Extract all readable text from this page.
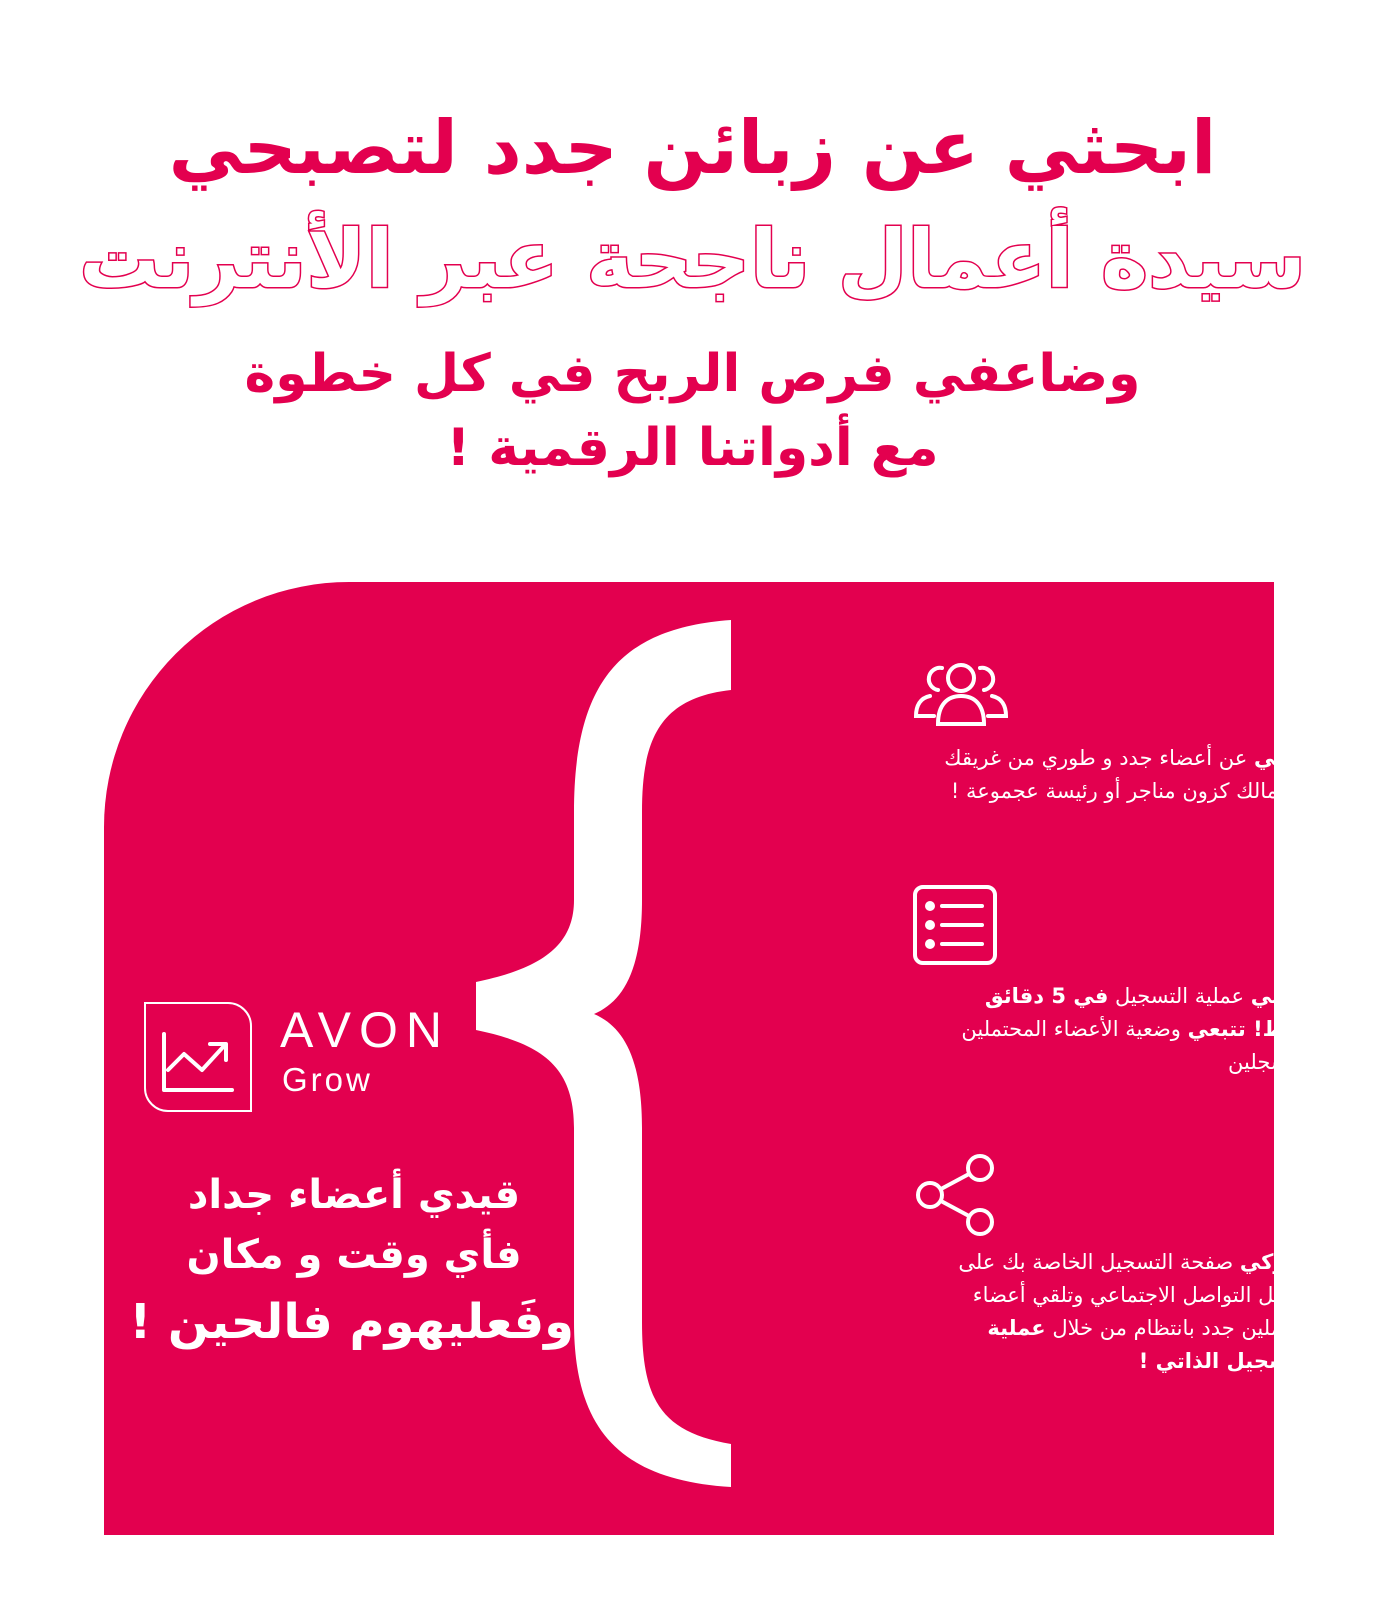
ابحثي عن زبائن جدد لتصبحي
سيدة أعمال ناجحة عبر الأنترنت

وضاعفي فرص الربح في كل خطوة

مع أدواتنا الرقمية !

AVON
Grow
قيدي أعضاء جداد
فأي وقت و مكان
وفَعليهوم فالحين !
ابحثي عن أعضاء جدد و طوري من غريقك
و أعمالك كزون مناجر أو رئيسة عجموعة !
أكملي عملية التسجيل في 5 دقائق
فقط! تتبعي وضعية الأعضاء المحتملين
المسجلين
شاركي صفحة التسجيل الخاصة بك على
وسائل التواصل الاجتماعي وتلقي أعضاء
محتملين جدد بانتظام من خلال عملية
التسجيل الذاتي !
